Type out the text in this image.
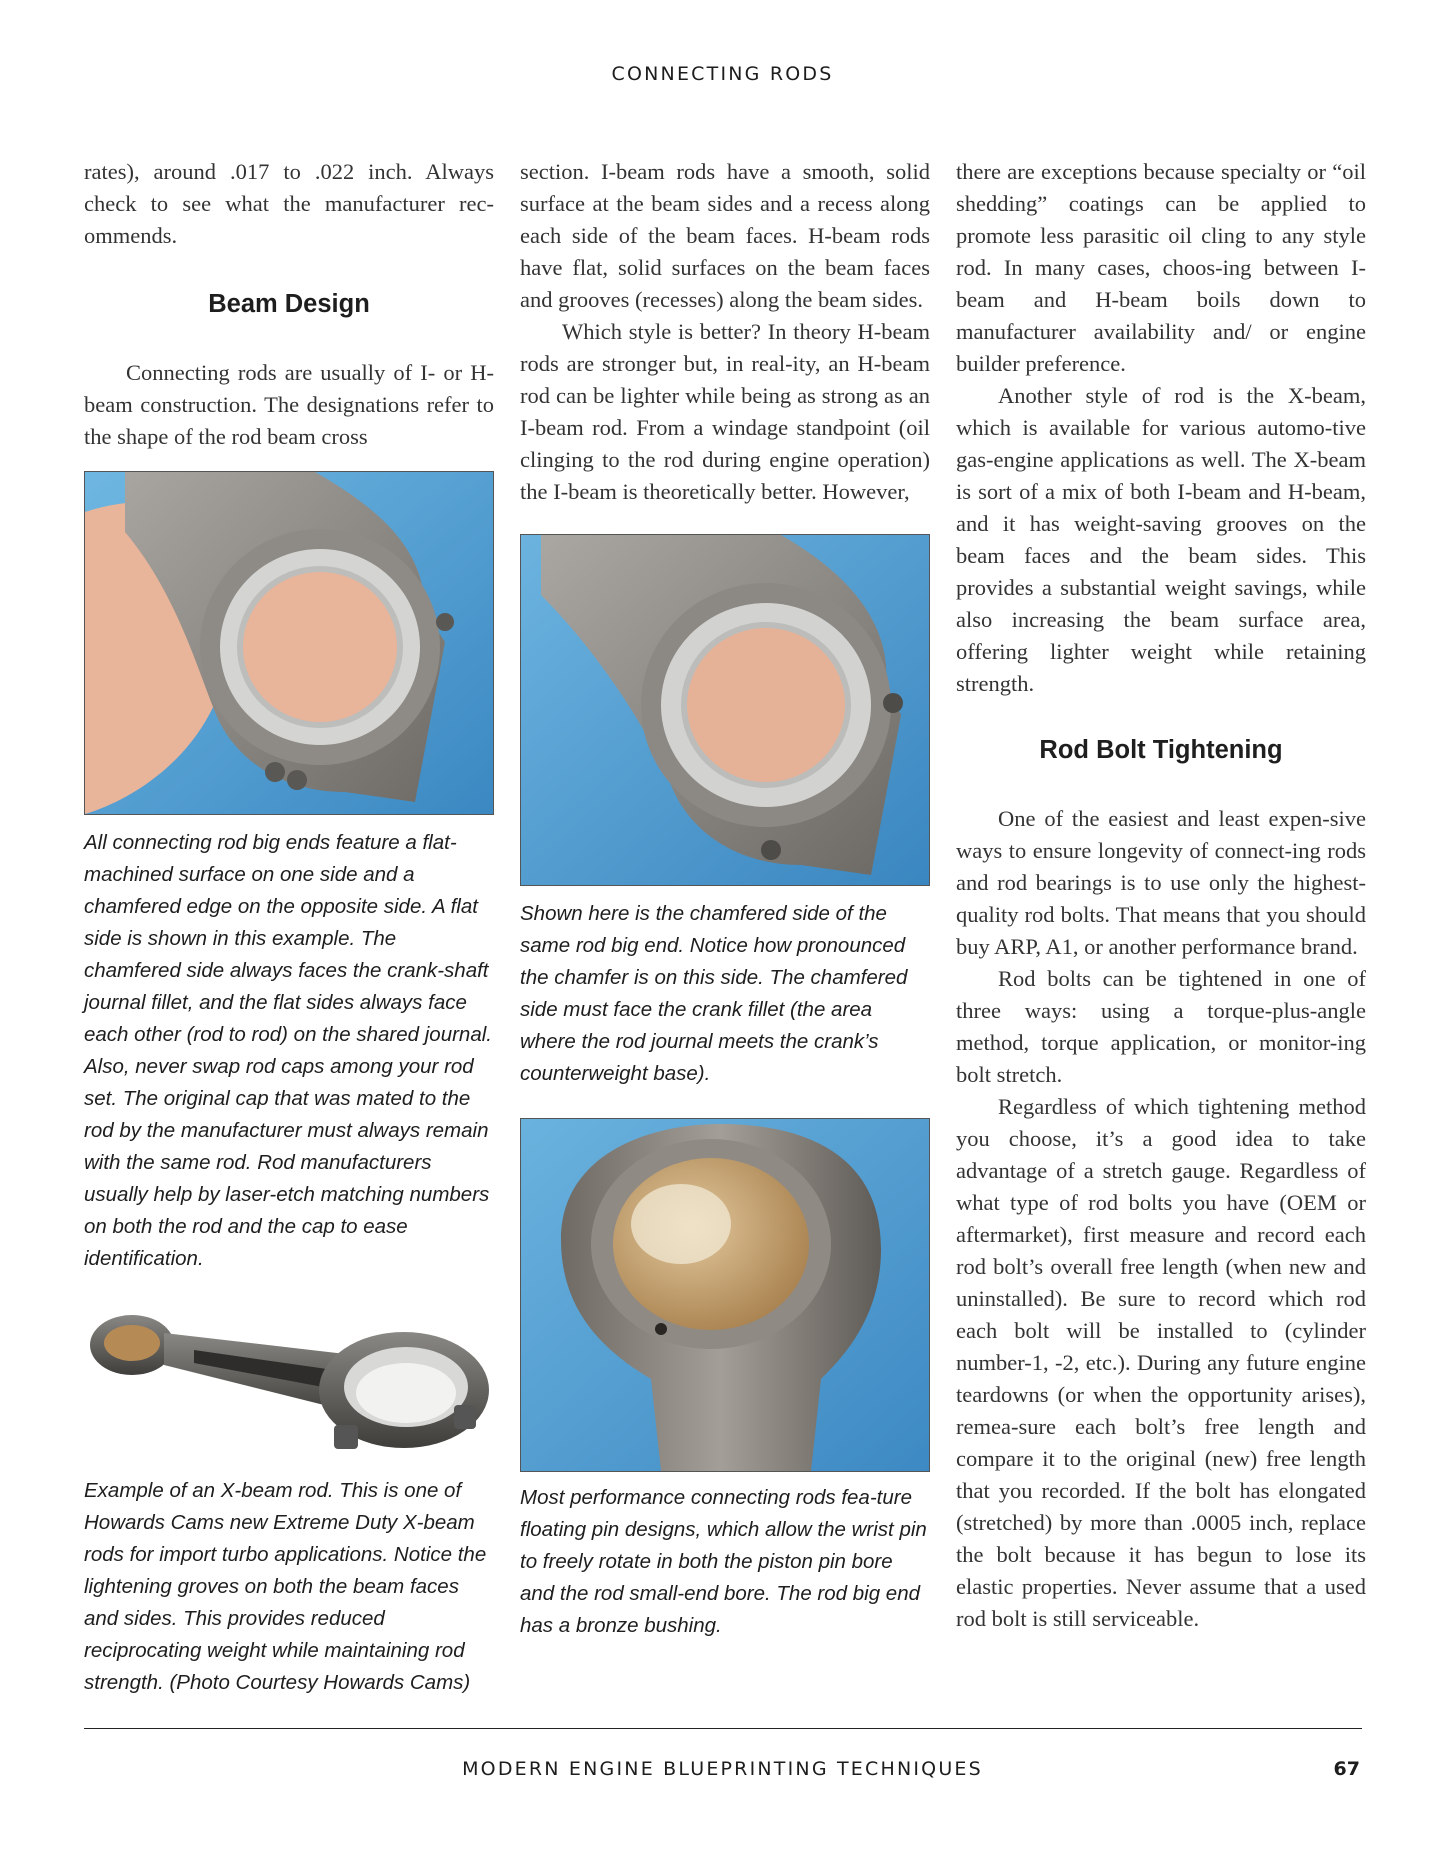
CONNECTING RODS

rates), around .017 to .022 inch. Always check to see what the manufacturer rec-ommends.

Beam Design

Connecting rods are usually of I- or H-beam construction. The designations refer to the shape of the rod beam cross

All connecting rod big ends feature a flat-machined surface on one side and a chamfered edge on the opposite side. A flat side is shown in this example. The chamfered side always faces the crank-shaft journal fillet, and the flat sides always face each other (rod to rod) on the shared journal. Also, never swap rod caps among your rod set. The original cap that was mated to the rod by the manufacturer must always remain with the same rod. Rod manufacturers usually help by laser-etch matching numbers on both the rod and the cap to ease identification.

Example of an X-beam rod. This is one of Howards Cams new Extreme Duty X-beam rods for import turbo applications. Notice the lightening groves on both the beam faces and sides. This provides reduced reciprocating weight while maintaining rod strength. (Photo Courtesy Howards Cams)

section. I-beam rods have a smooth, solid surface at the beam sides and a recess along each side of the beam faces. H-beam rods have flat, solid surfaces on the beam faces and grooves (recesses) along the beam sides.

Which style is better? In theory H-beam rods are stronger but, in real-ity, an H-beam rod can be lighter while being as strong as an I-beam rod. From a windage standpoint (oil clinging to the rod during engine operation) the I-beam is theoretically better. However,

Shown here is the chamfered side of the same rod big end. Notice how pronounced the chamfer is on this side. The chamfered side must face the crank fillet (the area where the rod journal meets the crank’s counterweight base).

Most performance connecting rods fea-ture floating pin designs, which allow the wrist pin to freely rotate in both the piston pin bore and the rod small-end bore. The rod big end has a bronze bushing.

there are exceptions because specialty or “oil shedding” coatings can be applied to promote less parasitic oil cling to any style rod. In many cases, choos-ing between I-beam and H-beam boils down to manufacturer availability and/ or engine builder preference.

Another style of rod is the X-beam, which is available for various automo-tive gas-engine applications as well. The X-beam is sort of a mix of both I-beam and H-beam, and it has weight-saving grooves on the beam faces and the beam sides. This provides a substantial weight savings, while also increasing the beam surface area, offering lighter weight while retaining strength.

Rod Bolt Tightening

One of the easiest and least expen-sive ways to ensure longevity of connect-ing rods and rod bearings is to use only the highest-quality rod bolts. That means that you should buy ARP, A1, or another performance brand.

Rod bolts can be tightened in one of three ways: using a torque-plus-angle method, torque application, or monitor-ing bolt stretch.

Regardless of which tightening method you choose, it’s a good idea to take advantage of a stretch gauge. Regardless of what type of rod bolts you have (OEM or aftermarket), first measure and record each rod bolt’s overall free length (when new and uninstalled). Be sure to record which rod each bolt will be installed to (cylinder number-1, -2, etc.). During any future engine teardowns (or when the opportunity arises), remea-sure each bolt’s free length and compare it to the original (new) free length that you recorded. If the bolt has elongated (stretched) by more than .0005 inch, replace the bolt because it has begun to lose its elastic properties. Never assume that a used rod bolt is still serviceable.

MODERN ENGINE BLUEPRINTING TECHNIQUES	67
